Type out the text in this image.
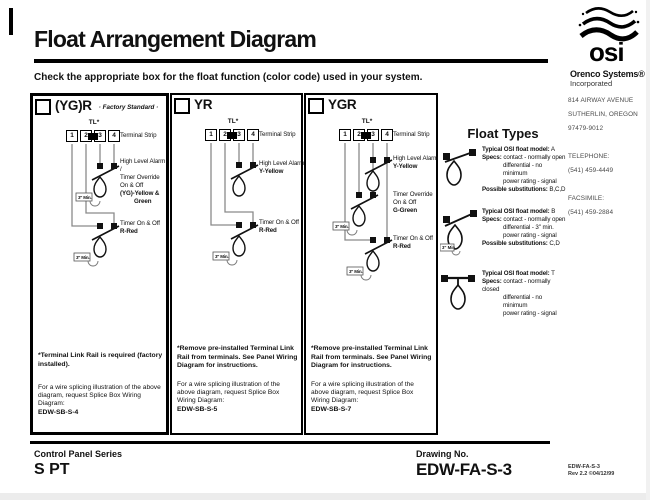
Float Arrangement Diagram
Check the appropriate box for the float function (color code) used in your system.
osi
Orenco Systems®
Incorporated
(YG)R · Factory Standard ·
TL*
1	2	3	4 Terminal Strip
High Level Alarm /
Timer Override
On & Off
(YG)-Yellow &
Green
3" Min.
Timer On & Off
R-Red
3" Min.
*Terminal Link Rail is required (factory installed).
For a wire splicing illustration of the above diagram, request Splice Box Wiring Diagram:
EDW-SB-S-4
YR
TL*
1	2	3	4 Terminal Strip
High Level Alarm
Y-Yellow
Timer On & Off
R-Red
3" Min.
*Remove pre-installed Terminal Link Rail from terminals. See Panel Wiring Diagram for instructions.
For a wire splicing illustration of the above diagram, request Splice Box Wiring Diagram:
EDW-SB-S-5
YGR
TL*
1	2	3	4 Terminal Strip
High Level Alarm
Y-Yellow
Timer Override
On & Off
G-Green
3" Min.
Timer On & Off
R-Red
3" Min.
*Remove pre-installed Terminal Link Rail from terminals. See Panel Wiring Diagram for instructions.
For a wire splicing illustration of the above diagram, request Splice Box Wiring Diagram:
EDW-SB-S-7
Float Types
Typical OSI float model: A
Specs: contact - normally open
differential - no minimum
power rating - signal
Possible substitutions: B,C,D
3" Min.
Typical OSI float model: B
Specs: contact - normally open
differential - 3" min.
power rating - signal
Possible substitutions: C,D
Typical OSI float model: T
Specs: contact - normally closed
differential - no minimum
power rating - signal

814 AIRWAY AVENUE

SUTHERLIN, OREGON

97479-9012

TELEPHONE:

(541) 459-4449

FACSIMILE:

(541) 459-2884

Control Panel Series
S PT
Drawing No.
EDW-FA-S-3	EDW-FA-S-3
Rev 2.2 ©04/12/99
